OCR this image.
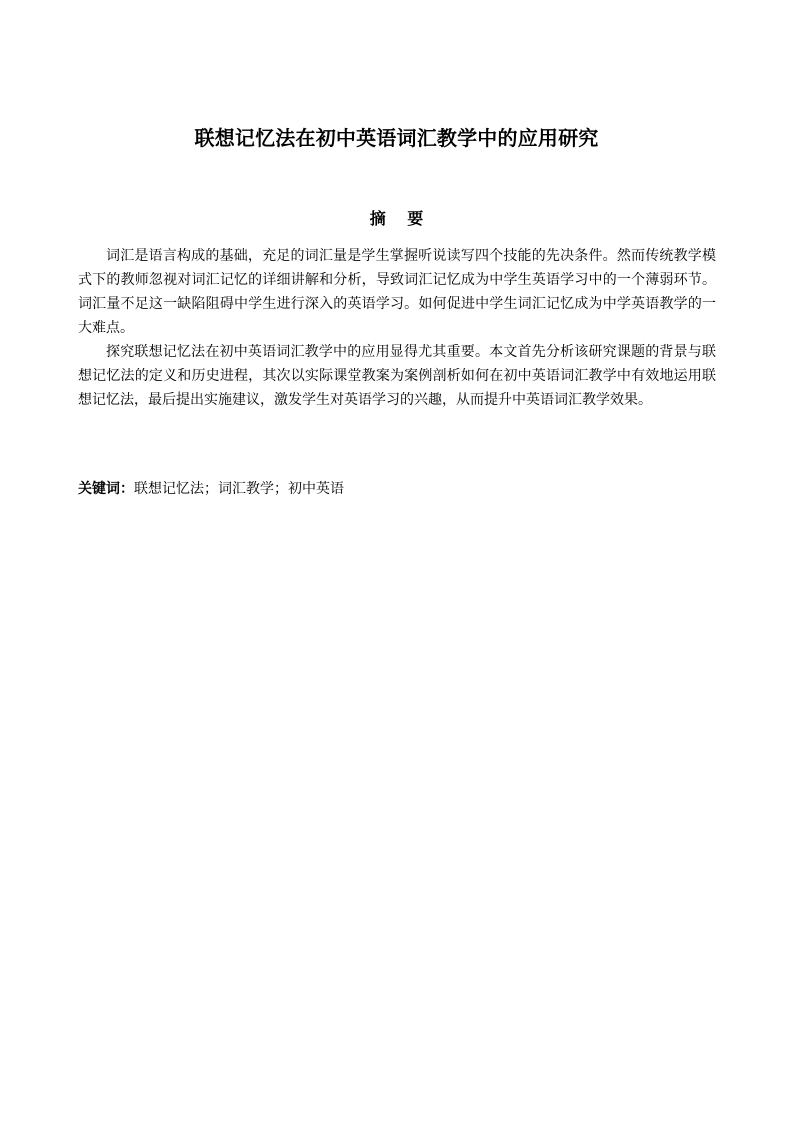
联想记忆法在初中英语词汇教学中的应用研究
摘 要

词汇是语言构成的基础，充足的词汇量是学生掌握听说读写四个技能的先决条件。然而传统教学模式下的教师忽视对词汇记忆的详细讲解和分析，导致词汇记忆成为中学生英语学习中的一个薄弱环节。词汇量不足这一缺陷阻碍中学生进行深入的英语学习。如何促进中学生词汇记忆成为中学英语教学的一大难点。

探究联想记忆法在初中英语词汇教学中的应用显得尤其重要。本文首先分析该研究课题的背景与联想记忆法的定义和历史进程，其次以实际课堂教案为案例剖析如何在初中英语词汇教学中有效地运用联想记忆法，最后提出实施建议，激发学生对英语学习的兴趣，从而提升中英语词汇教学效果。

关键词：联想记忆法；词汇教学；初中英语
